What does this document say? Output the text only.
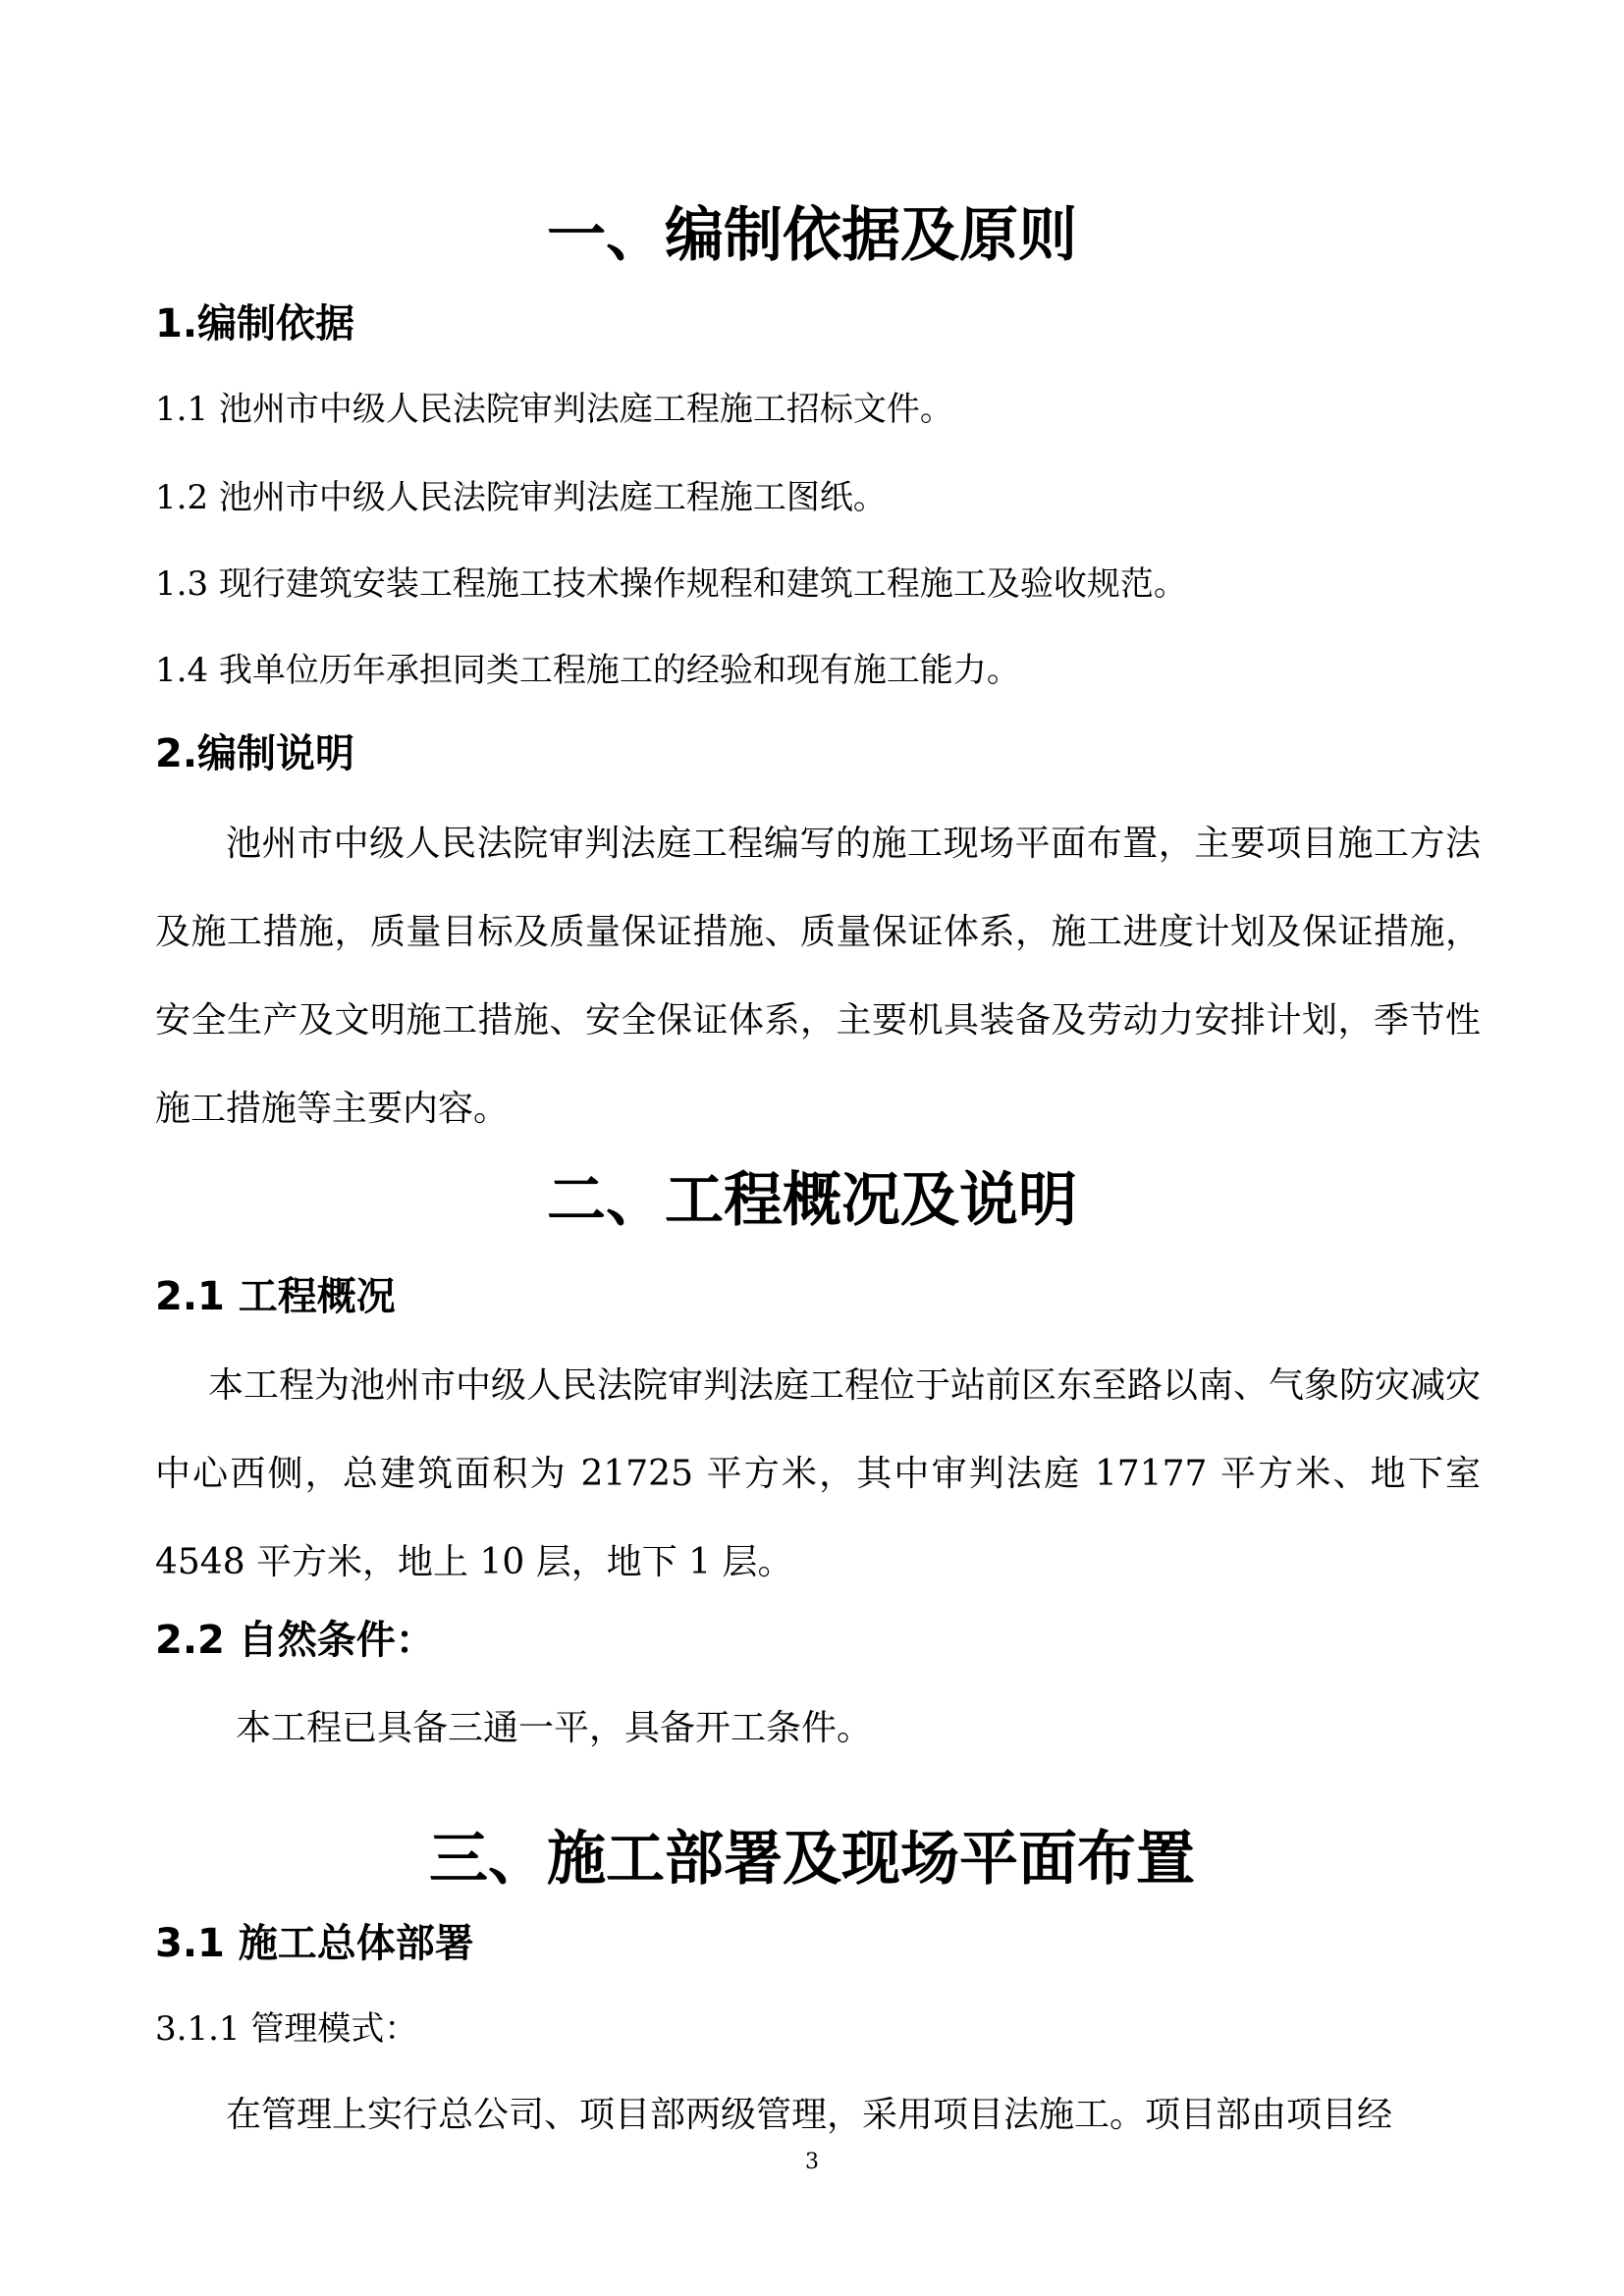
一、编制依据及原则
1.编制依据
1.1 池州市中级人民法院审判法庭工程施工招标文件。
1.2 池州市中级人民法院审判法庭工程施工图纸。
1.3 现行建筑安装工程施工技术操作规程和建筑工程施工及验收规范。
1.4 我单位历年承担同类工程施工的经验和现有施工能力。
2.编制说明
池州市中级人民法院审判法庭工程编写的施工现场平面布置，主要项目施工方法及施工措施，质量目标及质量保证措施、质量保证体系，施工进度计划及保证措施，安全生产及文明施工措施、安全保证体系，主要机具装备及劳动力安排计划，季节性施工措施等主要内容。
二、工程概况及说明
2.1 工程概况
本工程为池州市中级人民法院审判法庭工程位于站前区东至路以南、气象防灾减灾中心西侧，总建筑面积为 21725 平方米，其中审判法庭 17177 平方米、地下室 4548 平方米，地上 10 层，地下 1 层。
2.2 自然条件：
本工程已具备三通一平，具备开工条件。
三、施工部署及现场平面布置
3.1 施工总体部署
3.1.1 管理模式：
在管理上实行总公司、项目部两级管理，采用项目法施工。项目部由项目经
3
